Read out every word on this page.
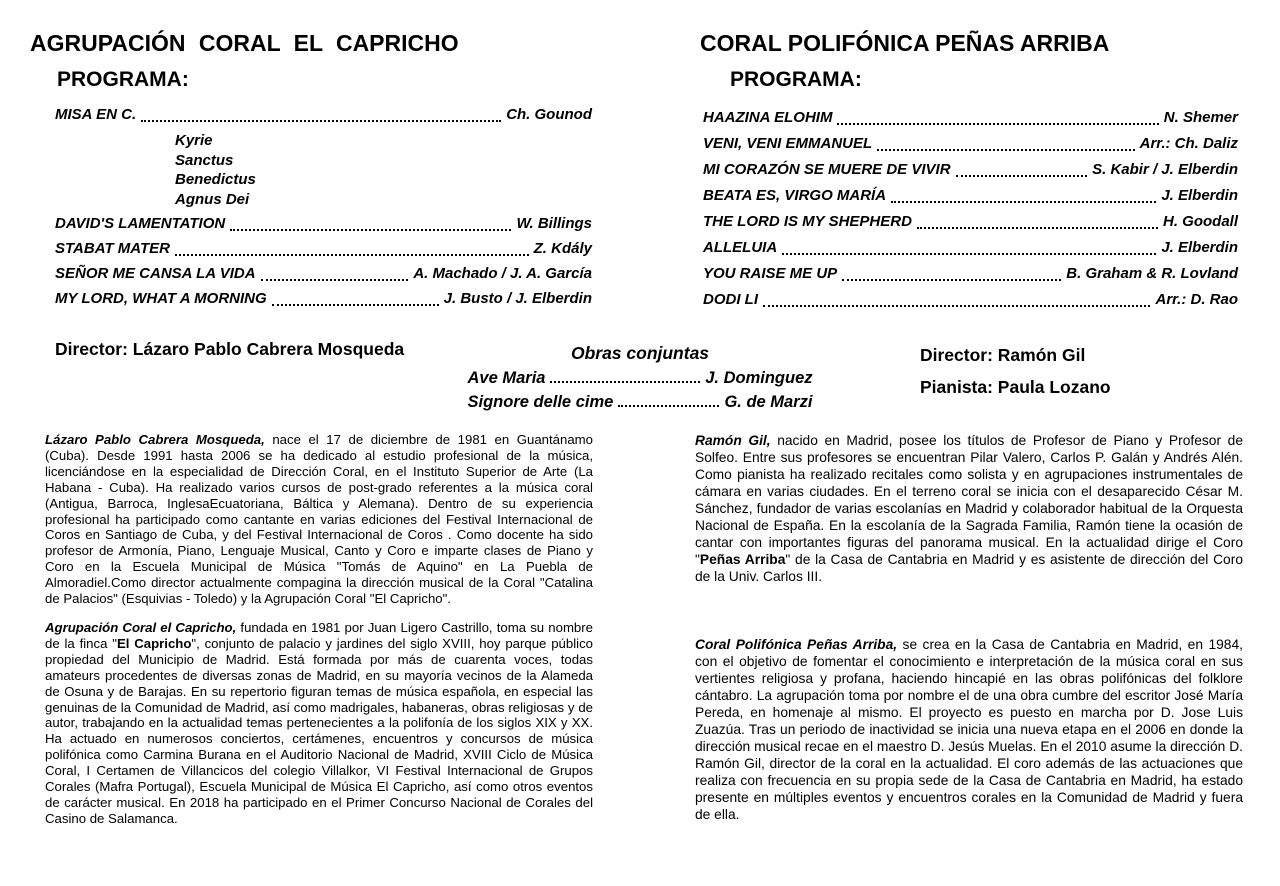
AGRUPACIÓN CORAL EL CAPRICHO
PROGRAMA:
MISA EN C.	Ch. Gounod
Kyrie
Sanctus
Benedictus
Agnus Dei
DAVID'S LAMENTATION	W. Billings
STABAT MATER	Z. Kdály
SEÑOR ME CANSA LA VIDA	A. Machado / J. A. García
MY LORD, WHAT A MORNING	J. Busto / J. Elberdin
Director: Lázaro Pablo Cabrera Mosqueda	Obras conjuntas
Ave Maria	J. Dominguez
Signore delle cime	G. de Marzi
CORAL POLIFÓNICA PEÑAS ARRIBA
PROGRAMA:
HAAZINA ELOHIM	N. Shemer
VENI, VENI EMMANUEL	Arr.: Ch. Daliz
MI CORAZÓN SE MUERE DE VIVIR	S. Kabir / J. Elberdin
BEATA ES, VIRGO MARÍA	J. Elberdin
THE LORD IS MY SHEPHERD	H. Goodall
ALLELUIA	J. Elberdin
YOU RAISE ME UP	B. Graham & R. Lovland
DODI LI	Arr.: D. Rao
Director: Ramón Gil
Pianista: Paula Lozano
Lázaro Pablo Cabrera Mosqueda, nace el 17 de diciembre de 1981 en Guantánamo (Cuba). Desde 1991 hasta 2006 se ha dedicado al estudio profesional de la música, licenciándose en la especialidad de Dirección Coral, en el Instituto Superior de Arte (La Habana - Cuba). Ha realizado varios cursos de post-grado referentes a la música coral (Antigua, Barroca, InglesaEcuatoriana, Báltica y Alemana). Dentro de su experiencia profesional ha participado como cantante en varias ediciones del Festival Internacional de Coros en Santiago de Cuba, y del Festival Internacional de Coros . Como docente ha sido profesor de Armonía, Piano, Lenguaje Musical, Canto y Coro e imparte clases de Piano y Coro en la Escuela Municipal de Música "Tomás de Aquino" en La Puebla de Almoradiel.Como director actualmente compagina la dirección musical de la Coral "Catalina de Palacios" (Esquivias - Toledo) y la Agrupación Coral "El Capricho".
Agrupación Coral el Capricho, fundada en 1981 por Juan Ligero Castrillo, toma su nombre de la finca "El Capricho", conjunto de palacio y jardines del siglo XVIII, hoy parque público propiedad del Municipio de Madrid. Está formada por más de cuarenta voces, todas amateurs procedentes de diversas zonas de Madrid, en su mayoría vecinos de la Alameda de Osuna y de Barajas. En su repertorio figuran temas de música española, en especial las genuinas de la Comunidad de Madrid, así como madrigales, habaneras, obras religiosas y de autor, trabajando en la actualidad temas pertenecientes a la polifonía de los siglos XIX y XX. Ha actuado en numerosos conciertos, certámenes, encuentros y concursos de música polifónica como Carmina Burana en el Auditorio Nacional de Madrid, XVIII Ciclo de Música Coral, I Certamen de Villancicos del colegio Villalkor, VI Festival Internacional de Grupos Corales (Mafra Portugal), Escuela Municipal de Música El Capricho, así como otros eventos de carácter musical. En 2018 ha participado en el Primer Concurso Nacional de Corales del Casino de Salamanca.
Ramón Gil, nacido en Madrid, posee los títulos de Profesor de Piano y Profesor de Solfeo. Entre sus profesores se encuentran Pilar Valero, Carlos P. Galán y Andrés Alén. Como pianista ha realizado recitales como solista y en agrupaciones instrumentales de cámara en varias ciudades. En el terreno coral se inicia con el desaparecido César M. Sánchez, fundador de varias escolanías en Madrid y colaborador habitual de la Orquesta Nacional de España. En la escolanía de la Sagrada Familia, Ramón tiene la ocasión de cantar con importantes figuras del panorama musical. En la actualidad dirige el Coro "Peñas Arriba" de la Casa de Cantabria en Madrid y es asistente de dirección del Coro de la Univ. Carlos III.
Coral Polifónica Peñas Arriba, se crea en la Casa de Cantabria en Madrid, en 1984, con el objetivo de fomentar el conocimiento e interpretación de la música coral en sus vertientes religiosa y profana, haciendo hincapié en las obras polifónicas del folklore cántabro. La agrupación toma por nombre el de una obra cumbre del escritor José María Pereda, en homenaje al mismo. El proyecto es puesto en marcha por D. Jose Luis Zuazúa. Tras un periodo de inactividad se inicia una nueva etapa en el 2006 en donde la dirección musical recae en el maestro D. Jesús Muelas. En el 2010 asume la dirección D. Ramón Gil, director de la coral en la actualidad. El coro además de las actuaciones que realiza con frecuencia en su propia sede de la Casa de Cantabria en Madrid, ha estado presente en múltiples eventos y encuentros corales en la Comunidad de Madrid y fuera de ella.
